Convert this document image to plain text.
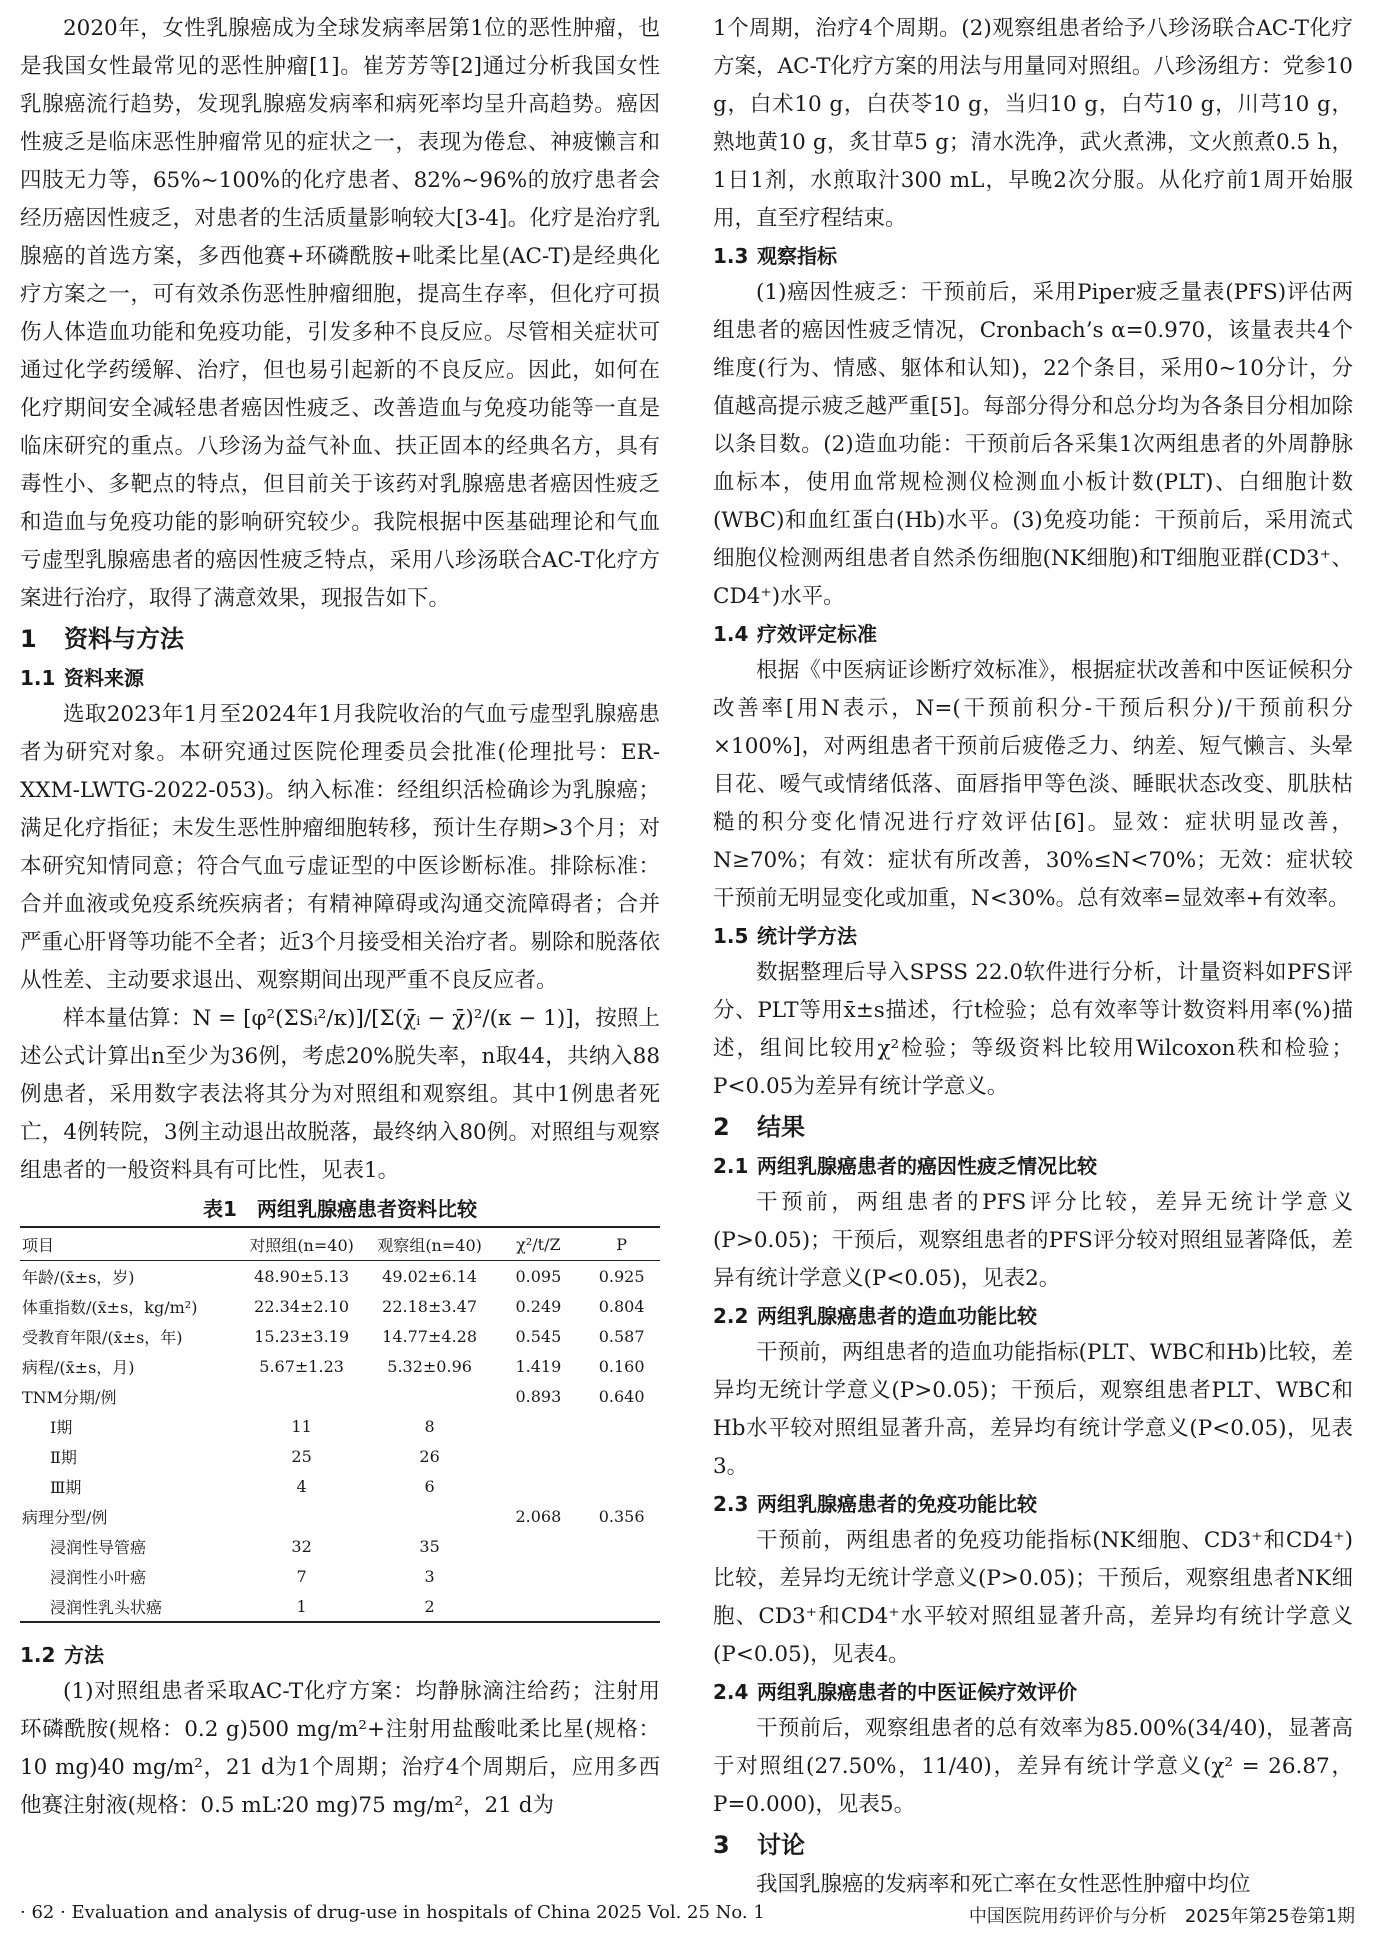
2020年，女性乳腺癌成为全球发病率居第1位的恶性肿瘤，也是我国女性最常见的恶性肿瘤[1]。崔芳芳等[2]通过分析我国女性乳腺癌流行趋势，发现乳腺癌发病率和病死率均呈升高趋势。癌因性疲乏是临床恶性肿瘤常见的症状之一，表现为倦怠、神疲懒言和四肢无力等，65%~100%的化疗患者、82%~96%的放疗患者会经历癌因性疲乏，对患者的生活质量影响较大[3-4]。化疗是治疗乳腺癌的首选方案，多西他赛+环磷酰胺+吡柔比星(AC-T)是经典化疗方案之一，可有效杀伤恶性肿瘤细胞，提高生存率，但化疗可损伤人体造血功能和免疫功能，引发多种不良反应。尽管相关症状可通过化学药缓解、治疗，但也易引起新的不良反应。因此，如何在化疗期间安全减轻患者癌因性疲乏、改善造血与免疫功能等一直是临床研究的重点。八珍汤为益气补血、扶正固本的经典名方，具有毒性小、多靶点的特点，但目前关于该药对乳腺癌患者癌因性疲乏和造血与免疫功能的影响研究较少。我院根据中医基础理论和气血亏虚型乳腺癌患者的癌因性疲乏特点，采用八珍汤联合AC-T化疗方案进行治疗，取得了满意效果，现报告如下。

1 资料与方法
1.1 资料来源

选取2023年1月至2024年1月我院收治的气血亏虚型乳腺癌患者为研究对象。本研究通过医院伦理委员会批准(伦理批号：ER-XXM-LWTG-2022-053)。纳入标准：经组织活检确诊为乳腺癌；满足化疗指征；未发生恶性肿瘤细胞转移，预计生存期>3个月；对本研究知情同意；符合气血亏虚证型的中医诊断标准。排除标准：合并血液或免疫系统疾病者；有精神障碍或沟通交流障碍者；合并严重心肝肾等功能不全者；近3个月接受相关治疗者。剔除和脱落依从性差、主动要求退出、观察期间出现严重不良反应者。

样本量估算：N = [φ²(ΣSᵢ²/κ)]/[Σ(χ̄ᵢ − χ̄)²/(κ − 1)]，按照上述公式计算出n至少为36例，考虑20%脱失率，n取44，共纳入88例患者，采用数字表法将其分为对照组和观察组。其中1例患者死亡，4例转院，3例主动退出故脱落，最终纳入80例。对照组与观察组患者的一般资料具有可比性，见表1。

表1　两组乳腺癌患者资料比较
项目	对照组(n=40)	观察组(n=40)	χ²/t/Z	P
年龄/(x̄±s，岁)	48.90±5.13	49.02±6.14	0.095	0.925
体重指数/(x̄±s，kg/m²)	22.34±2.10	22.18±3.47	0.249	0.804
受教育年限/(x̄±s，年)	15.23±3.19	14.77±4.28	0.545	0.587
病程/(x̄±s，月)	5.67±1.23	5.32±0.96	1.419	0.160
TNM分期/例			0.893	0.640
Ⅰ期	11	8		
Ⅱ期	25	26		
Ⅲ期	4	6		
病理分型/例			2.068	0.356
浸润性导管癌	32	35		
浸润性小叶癌	7	3		
浸润性乳头状癌	1	2		
1.2 方法

(1)对照组患者采取AC-T化疗方案：均静脉滴注给药；注射用环磷酰胺(规格：0.2 g)500 mg/m²+注射用盐酸吡柔比星(规格：10 mg)40 mg/m²，21 d为1个周期；治疗4个周期后，应用多西他赛注射液(规格：0.5 mL∶20 mg)75 mg/m²，21 d为

1个周期，治疗4个周期。(2)观察组患者给予八珍汤联合AC-T化疗方案，AC-T化疗方案的用法与用量同对照组。八珍汤组方：党参10 g，白术10 g，白茯苓10 g，当归10 g，白芍10 g，川芎10 g，熟地黄10 g，炙甘草5 g；清水洗净，武火煮沸，文火煎煮0.5 h，1日1剂，水煎取汁300 mL，早晚2次分服。从化疗前1周开始服用，直至疗程结束。

1.3 观察指标

(1)癌因性疲乏：干预前后，采用Piper疲乏量表(PFS)评估两组患者的癌因性疲乏情况，Cronbach’s α=0.970，该量表共4个维度(行为、情感、躯体和认知)，22个条目，采用0~10分计，分值越高提示疲乏越严重[5]。每部分得分和总分均为各条目分相加除以条目数。(2)造血功能：干预前后各采集1次两组患者的外周静脉血标本，使用血常规检测仪检测血小板计数(PLT)、白细胞计数(WBC)和血红蛋白(Hb)水平。(3)免疫功能：干预前后，采用流式细胞仪检测两组患者自然杀伤细胞(NK细胞)和T细胞亚群(CD3⁺、CD4⁺)水平。

1.4 疗效评定标准

根据《中医病证诊断疗效标准》，根据症状改善和中医证候积分改善率[用N表示，N=(干预前积分-干预后积分)/干预前积分×100%]，对两组患者干预前后疲倦乏力、纳差、短气懒言、头晕目花、嗳气或情绪低落、面唇指甲等色淡、睡眠状态改变、肌肤枯糙的积分变化情况进行疗效评估[6]。显效：症状明显改善，N≥70%；有效：症状有所改善，30%≤N<70%；无效：症状较干预前无明显变化或加重，N<30%。总有效率=显效率+有效率。

1.5 统计学方法

数据整理后导入SPSS 22.0软件进行分析，计量资料如PFS评分、PLT等用x̄±s描述，行t检验；总有效率等计数资料用率(%)描述，组间比较用χ²检验；等级资料比较用Wilcoxon秩和检验；P<0.05为差异有统计学意义。

2 结果
2.1 两组乳腺癌患者的癌因性疲乏情况比较

干预前，两组患者的PFS评分比较，差异无统计学意义(P>0.05)；干预后，观察组患者的PFS评分较对照组显著降低，差异有统计学意义(P<0.05)，见表2。

2.2 两组乳腺癌患者的造血功能比较

干预前，两组患者的造血功能指标(PLT、WBC和Hb)比较，差异均无统计学意义(P>0.05)；干预后，观察组患者PLT、WBC和Hb水平较对照组显著升高，差异均有统计学意义(P<0.05)，见表3。

2.3 两组乳腺癌患者的免疫功能比较

干预前，两组患者的免疫功能指标(NK细胞、CD3⁺和CD4⁺)比较，差异均无统计学意义(P>0.05)；干预后，观察组患者NK细胞、CD3⁺和CD4⁺水平较对照组显著升高，差异均有统计学意义(P<0.05)，见表4。

2.4 两组乳腺癌患者的中医证候疗效评价

干预前后，观察组患者的总有效率为85.00%(34/40)，显著高于对照组(27.50%，11/40)，差异有统计学意义(χ² = 26.87，P=0.000)，见表5。

3 讨论

我国乳腺癌的发病率和死亡率在女性恶性肿瘤中均位

· 62 · Evaluation and analysis of drug-use in hospitals of China 2025 Vol. 25 No. 1	中国医院用药评价与分析　2025年第25卷第1期
